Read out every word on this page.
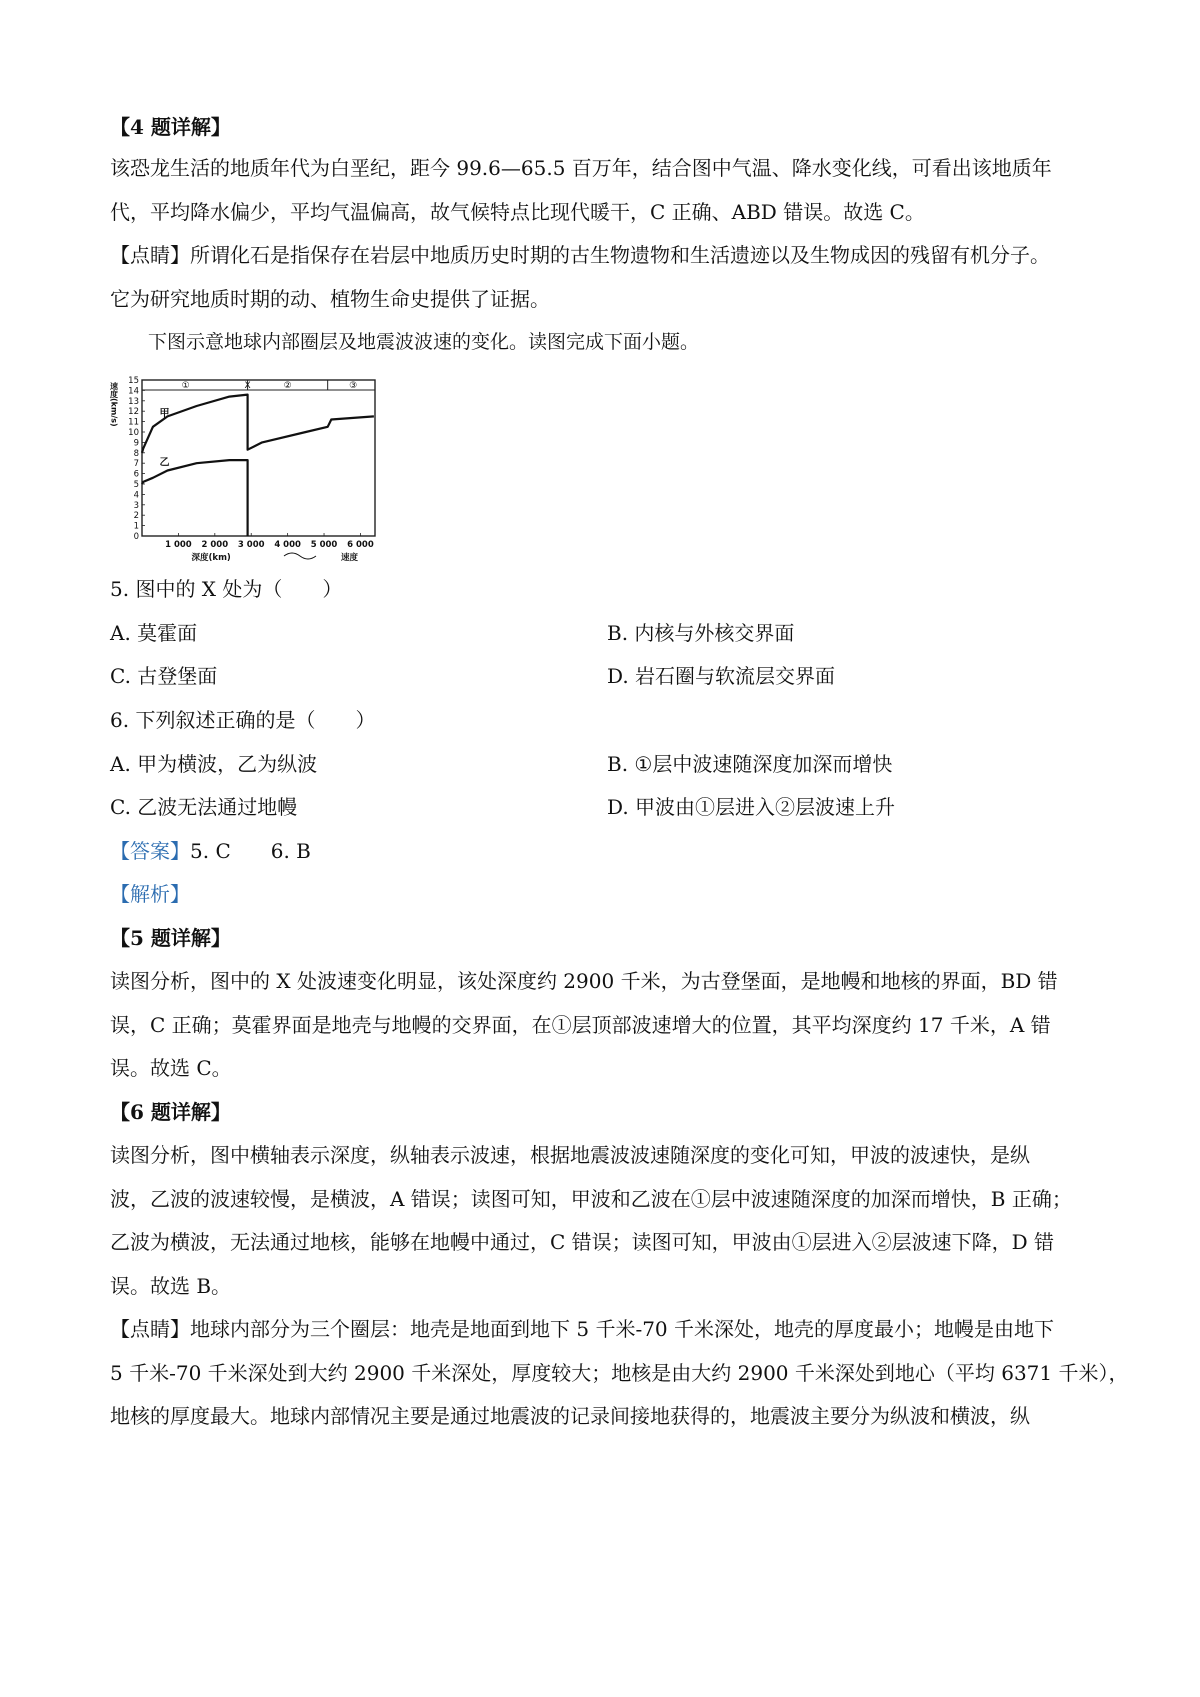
【4 题详解】
该恐龙生活的地质年代为白垩纪，距今 99.6—65.5 百万年，结合图中气温、降水变化线，可看出该地质年
代，平均降水偏少，平均气温偏高，故气候特点比现代暖干，C 正确、ABD 错误。故选 C。
【点睛】所谓化石是指保存在岩层中地质历史时期的古生物遗物和生活遗迹以及生物成因的残留有机分子。
它为研究地质时期的动、植物生命史提供了证据。
下图示意地球内部圈层及地震波波速的变化。读图完成下面小题。
①	X	②	③
15
14
13
12
11
10
9
8
7
6
5
4
3
2
1
0
速度(km/s)
1 000 2 000 3 000 4 000 5 000 6 000
深度(km)	速度
甲
乙
5. 图中的 X 处为（　　）
A. 莫霍面	B. 内核与外核交界面
C. 古登堡面	D. 岩石圈与软流层交界面
6. 下列叙述正确的是（　　）
A. 甲为横波，乙为纵波	B. ①层中波速随深度加深而增快
C. 乙波无法通过地幔	D. 甲波由①层进入②层波速上升
【答案】5. C　　6. B
【解析】
【5 题详解】
读图分析，图中的 X 处波速变化明显，该处深度约 2900 千米，为古登堡面，是地幔和地核的界面，BD 错
误，C 正确；莫霍界面是地壳与地幔的交界面，在①层顶部波速增大的位置，其平均深度约 17 千米，A 错
误。故选 C。
【6 题详解】
读图分析，图中横轴表示深度，纵轴表示波速，根据地震波波速随深度的变化可知，甲波的波速快，是纵
波，乙波的波速较慢，是横波，A 错误；读图可知，甲波和乙波在①层中波速随深度的加深而增快，B 正确；
乙波为横波，无法通过地核，能够在地幔中通过，C 错误；读图可知，甲波由①层进入②层波速下降，D 错
误。故选 B。
【点睛】地球内部分为三个圈层：地壳是地面到地下 5 千米-70 千米深处，地壳的厚度最小；地幔是由地下
5 千米-70 千米深处到大约 2900 千米深处，厚度较大；地核是由大约 2900 千米深处到地心（平均 6371 千米），
地核的厚度最大。地球内部情况主要是通过地震波的记录间接地获得的，地震波主要分为纵波和横波，纵
